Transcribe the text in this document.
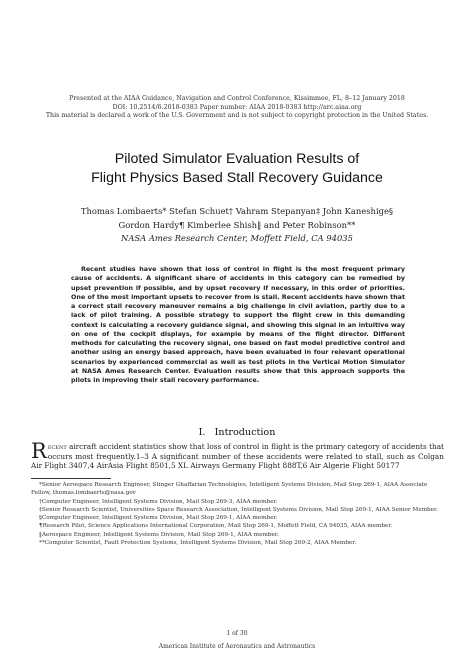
Presented at the AIAA Guidance, Navigation and Control Conference, Kissimmee, FL, 8–12 January 2018
DOI: 10.2514/6.2018-0383 Paper number: AIAA 2018-0383 http://arc.aiaa.org
This material is declared a work of the U.S. Government and is not subject to copyright protection in the United States.
Piloted Simulator Evaluation Results of
Flight Physics Based Stall Recovery Guidance
Thomas Lombaerts* Stefan Schuet† Vahram Stepanyan‡ John Kaneshige§
Gordon Hardy¶ Kimberlee Shish‖ and Peter Robinson**
NASA Ames Research Center, Moffett Field, CA 94035
Recent studies have shown that loss of control in flight is the most frequent primary cause of accidents. A significant share of accidents in this category can be remedied by upset prevention if possible, and by upset recovery if necessary, in this order of priorities. One of the most important upsets to recover from is stall. Recent accidents have shown that a correct stall recovery maneuver remains a big challenge in civil aviation, partly due to a lack of pilot training. A possible strategy to support the flight crew in this demanding context is calculating a recovery guidance signal, and showing this signal in an intuitive way on one of the cockpit displays, for example by means of the flight director. Different methods for calculating the recovery signal, one based on fast model predictive control and another using an energy based approach, have been evaluated in four relevant operational scenarios by experienced commercial as well as test pilots in the Vertical Motion Simulator at NASA Ames Research Center. Evaluation results show that this approach supports the pilots in improving their stall recovery performance.
I. Introduction
Recent aircraft accident statistics show that loss of control in flight is the primary category of accidents that occurs most frequently.1–3 A significant number of these accidents were related to stall, such as Colgan Air Flight 3407,4 AirAsia Flight 8501,5 XL Airways Germany Flight 888T,6 Air Algerie Flight 50177
*Senior Aerospace Research Engineer, Stinger Ghaffarian Technologies, Intelligent Systems Division, Mail Stop 269-1, AIAA Associate Fellow, thomas.lombaerts@nasa.gov
†Computer Engineer, Intelligent Systems Division, Mail Stop 269-3, AIAA member.
‡Senior Research Scientist, Universities Space Research Association, Intelligent Systems Division, Mail Stop 269-1, AIAA Senior Member.
§Computer Engineer, Intelligent Systems Division, Mail Stop 269-1, AIAA member.
¶Research Pilot, Science Applications International Corporation, Mail Stop 269-1, Moffett Field, CA 94035, AIAA member.
‖Aerospace Engineer, Intelligent Systems Division, Mail Stop 269-1, AIAA member.
**Computer Scientist, Fault Protection Systems, Intelligent Systems Division, Mail Stop 269-2, AIAA Member.
1 of 30
American Institute of Aeronautics and Astronautics
